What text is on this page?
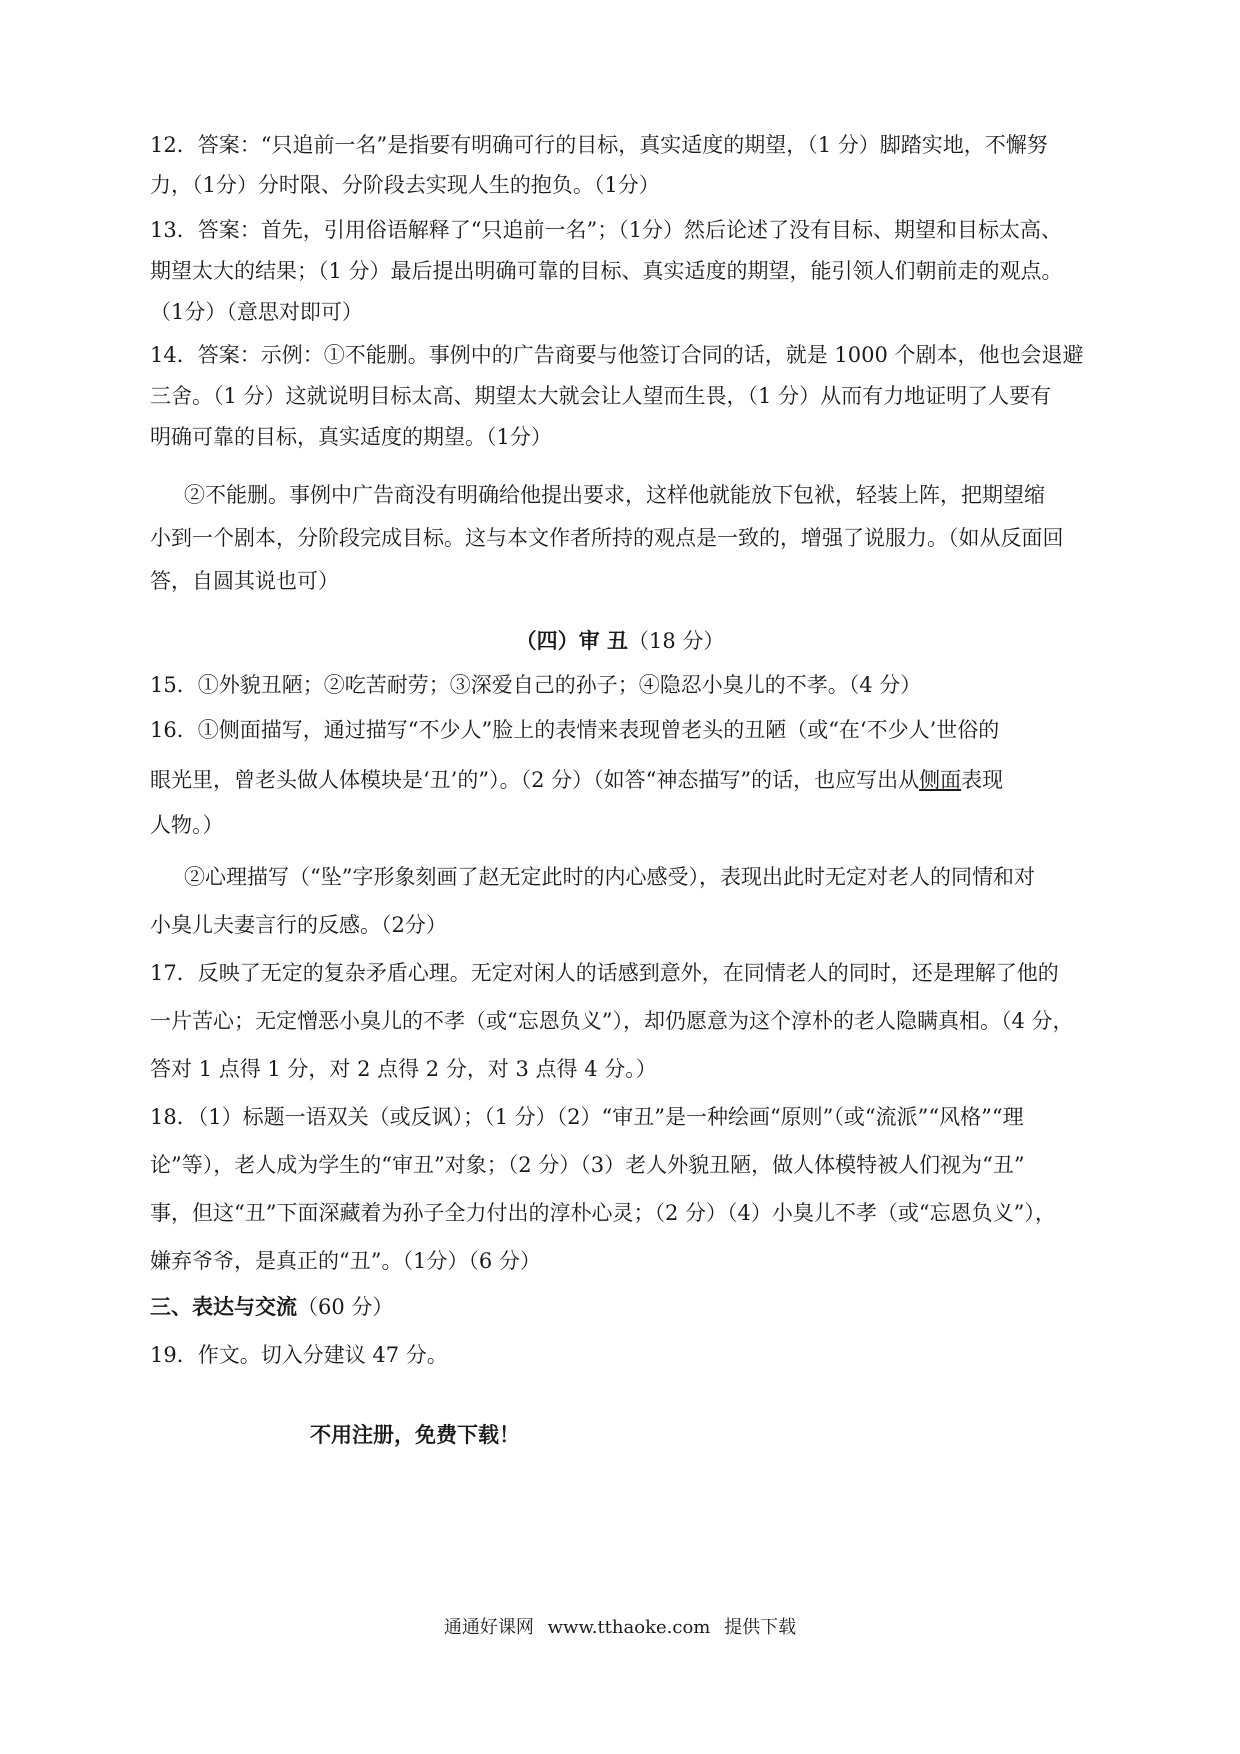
12．答案：“只追前一名”是指要有明确可行的目标，真实适度的期望，（1 分）脚踏实地，不懈努
力，（1分）分时限、分阶段去实现人生的抱负。（1分）
13．答案：首先，引用俗语解释了“只追前一名”；（1分）然后论述了没有目标、期望和目标太高、
期望太大的结果；（1 分）最后提出明确可靠的目标、真实适度的期望，能引领人们朝前走的观点。
（1分）（意思对即可）
14．答案：示例：①不能删。事例中的广告商要与他签订合同的话，就是 1000 个剧本，他也会退避
三舍。（1 分）这就说明目标太高、期望太大就会让人望而生畏，（1 分）从而有力地证明了人要有
明确可靠的目标，真实适度的期望。（1分）
②不能删。事例中广告商没有明确给他提出要求，这样他就能放下包袱，轻装上阵，把期望缩
小到一个剧本，分阶段完成目标。这与本文作者所持的观点是一致的，增强了说服力。（如从反面回
答，自圆其说也可）
（四）审 丑（18 分）
15．①外貌丑陋；②吃苦耐劳；③深爱自己的孙子；④隐忍小臭儿的不孝。（4 分）
16．①侧面描写，通过描写“不少人”脸上的表情来表现曾老头的丑陋（或“在‘不少人’世俗的
眼光里，曾老头做人体模块是‘丑’的”）。（2 分）（如答“神态描写”的话，也应写出从侧面表现
人物。）
②心理描写（“坠”字形象刻画了赵无定此时的内心感受），表现出此时无定对老人的同情和对
小臭儿夫妻言行的反感。（2分）
17．反映了无定的复杂矛盾心理。无定对闲人的话感到意外，在同情老人的同时，还是理解了他的
一片苦心；无定憎恶小臭儿的不孝（或“忘恩负义”），却仍愿意为这个淳朴的老人隐瞒真相。（4 分，
答对 1 点得 1 分，对 2 点得 2 分，对 3 点得 4 分。）
18．（1）标题一语双关（或反讽）；（1 分）（2）“审丑”是一种绘画“原则”（或“流派”“风格”“理
论”等），老人成为学生的“审丑”对象；（2 分）（3）老人外貌丑陋，做人体模特被人们视为“丑”
事，但这“丑”下面深藏着为孙子全力付出的淳朴心灵；（2 分）（4）小臭儿不孝（或“忘恩负义”），
嫌弃爷爷，是真正的“丑”。（1分）（6 分）
三、表达与交流（60 分）
19．作文。切入分建议 47 分。
不用注册，免费下载！
通通好课网 www.tthaoke.com 提供下载
